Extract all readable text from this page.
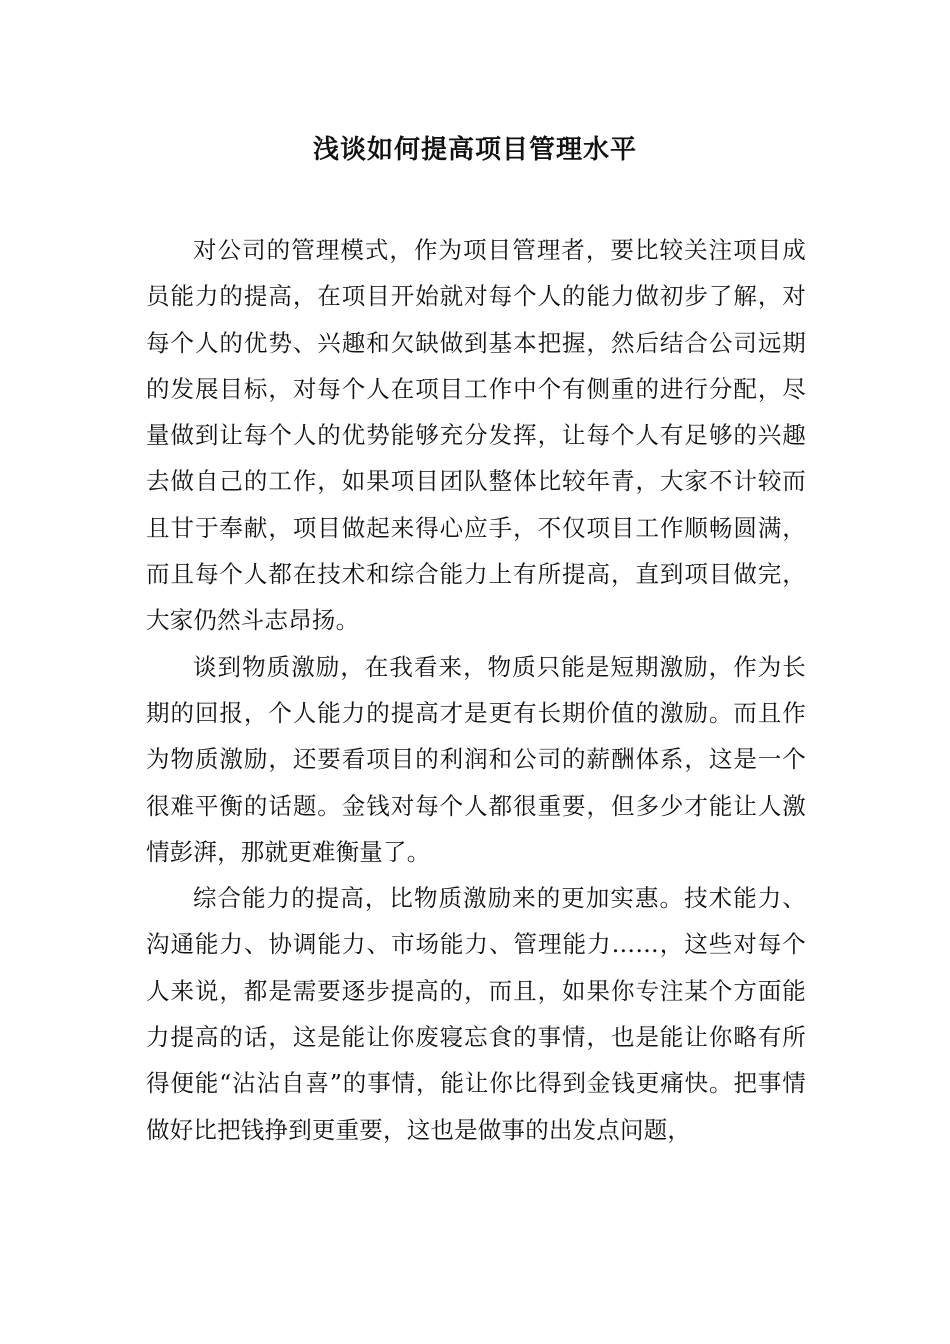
浅谈如何提高项目管理水平

对公司的管理模式，作为项目管理者，要比较关注项目成员能力的提高，在项目开始就对每个人的能力做初步了解，对每个人的优势、兴趣和欠缺做到基本把握，然后结合公司远期的发展目标，对每个人在项目工作中个有侧重的进行分配，尽量做到让每个人的优势能够充分发挥，让每个人有足够的兴趣去做自己的工作，如果项目团队整体比较年青，大家不计较而且甘于奉献，项目做起来得心应手，不仅项目工作顺畅圆满，而且每个人都在技术和综合能力上有所提高，直到项目做完，大家仍然斗志昂扬。

谈到物质激励，在我看来，物质只能是短期激励，作为长期的回报，个人能力的提高才是更有长期价值的激励。而且作为物质激励，还要看项目的利润和公司的薪酬体系，这是一个很难平衡的话题。金钱对每个人都很重要，但多少才能让人激情彭湃，那就更难衡量了。

综合能力的提高，比物质激励来的更加实惠。技术能力、沟通能力、协调能力、市场能力、管理能力……，这些对每个人来说，都是需要逐步提高的，而且，如果你专注某个方面能力提高的话，这是能让你废寝忘食的事情，也是能让你略有所得便能“沾沾自喜”的事情，能让你比得到金钱更痛快。把事情做好比把钱挣到更重要，这也是做事的出发点问题，
